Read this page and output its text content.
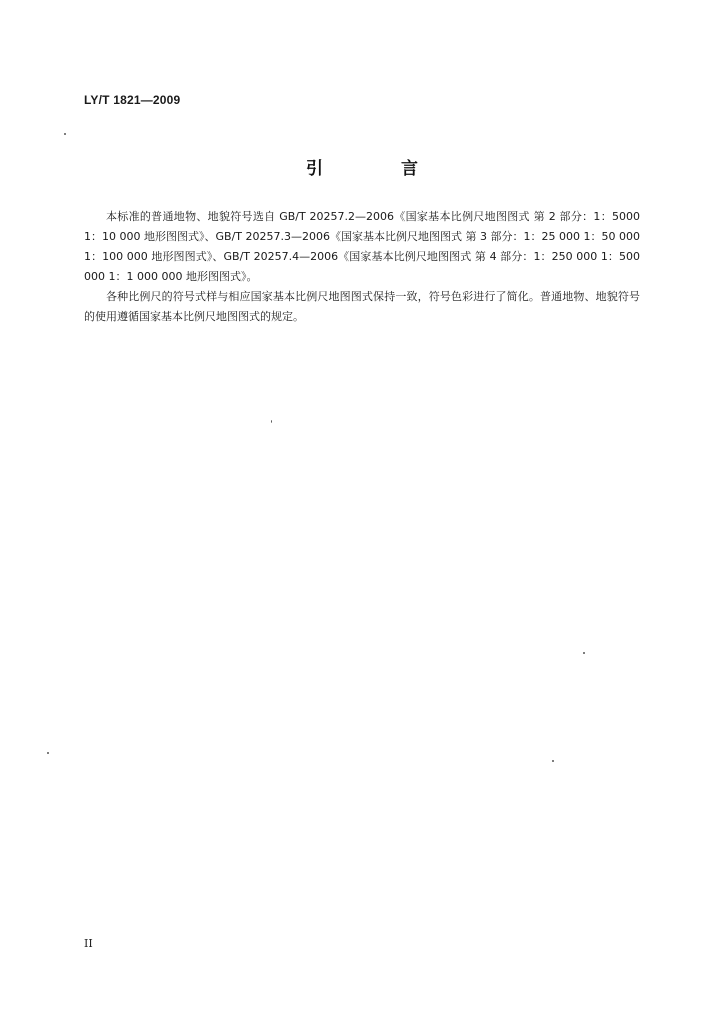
LY/T 1821—2009
引 言

本标准的普通地物、地貌符号选自 GB/T 20257.2—2006《国家基本比例尺地图图式 第 2 部分：1：5000 1：10 000 地形图图式》、GB/T 20257.3—2006《国家基本比例尺地图图式 第 3 部分：1：25 000 1：50 000 1：100 000 地形图图式》、GB/T 20257.4—2006《国家基本比例尺地图图式 第 4 部分：1：250 000 1：500 000 1：1 000 000 地形图图式》。

各种比例尺的符号式样与相应国家基本比例尺地图图式保持一致，符号色彩进行了简化。普通地物、地貌符号的使用遵循国家基本比例尺地图图式的规定。

II
